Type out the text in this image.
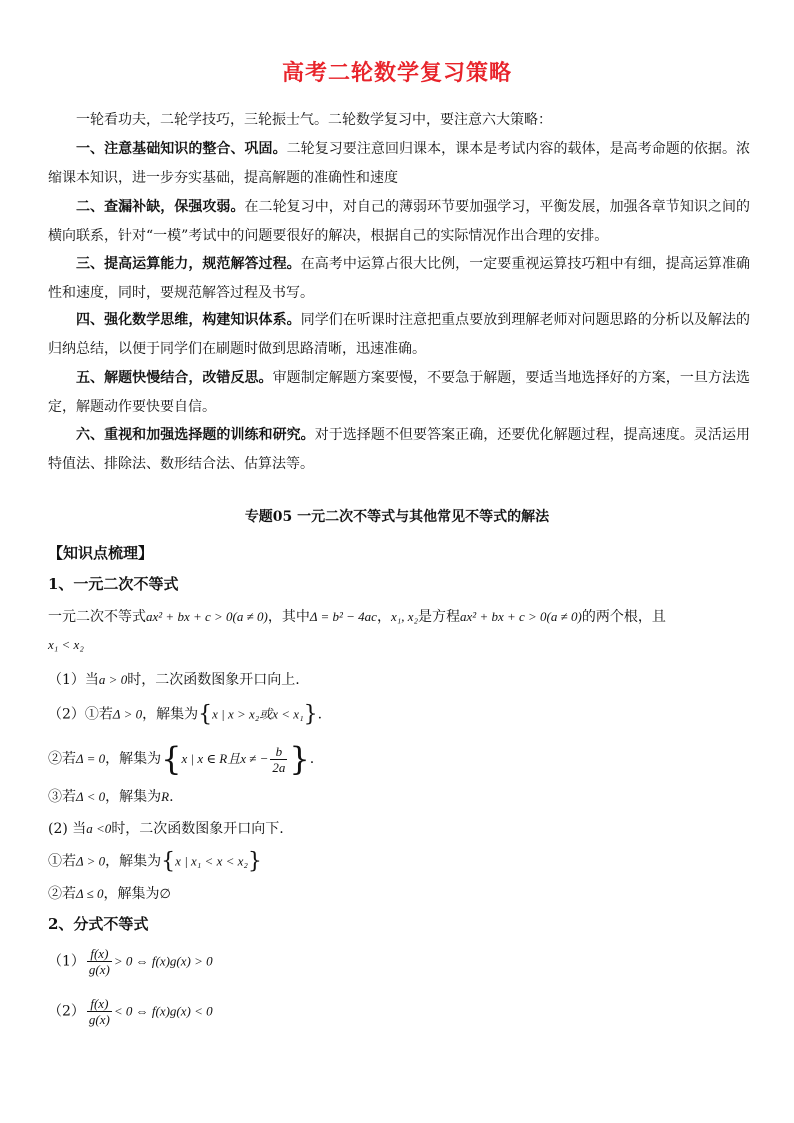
高考二轮数学复习策略
一轮看功夫，二轮学技巧，三轮振士气。二轮数学复习中，要注意六大策略：
一、注意基础知识的整合、巩固。二轮复习要注意回归课本，课本是考试内容的载体，是高考命题的依据。浓缩课本知识，进一步夯实基础，提高解题的准确性和速度
二、查漏补缺，保强攻弱。在二轮复习中，对自己的薄弱环节要加强学习，平衡发展，加强各章节知识之间的横向联系，针对“一模”考试中的问题要很好的解决，根据自己的实际情况作出合理的安排。
三、提高运算能力，规范解答过程。在高考中运算占很大比例，一定要重视运算技巧粗中有细，提高运算准确性和速度，同时，要规范解答过程及书写。
四、强化数学思维，构建知识体系。同学们在听课时注意把重点要放到理解老师对问题思路的分析以及解法的归纳总结，以便于同学们在刷题时做到思路清晰，迅速准确。
五、解题快慢结合，改错反思。审题制定解题方案要慢，不要急于解题，要适当地选择好的方案，一旦方法选定，解题动作要快要自信。
六、重视和加强选择题的训练和研究。对于选择题不但要答案正确，还要优化解题过程，提高速度。灵活运用特值法、排除法、数形结合法、估算法等。
专题05 一元二次不等式与其他常见不等式的解法
【知识点梳理】
1、一元二次不等式
一元二次不等式ax² + bx + c > 0(a ≠ 0)，其中Δ = b² − 4ac，x₁, x₂是方程ax² + bx + c > 0(a ≠ 0)的两个根，且
x₁ < x₂
（1）当a > 0时，二次函数图象开口向上.
（2）①若Δ > 0，解集为{x | x > x₂或x < x₁}.
②若Δ = 0，解集为{x | x ∈ R且x ≠ − $\frac{b}{2a}$ }.
③若Δ < 0，解集为R.
(2) 当a <0时，二次函数图象开口向下.
①若Δ > 0，解集为{x | x₁ < x < x₂}
②若Δ ≤ 0，解集为∅
2、分式不等式
$(1) \frac{f(x)}{g(x)} > 0$ ⇔ f(x)g(x) > 0
$(2) \frac{f(x)}{g(x)} < 0$ ⇔ f(x)g(x) < 0
